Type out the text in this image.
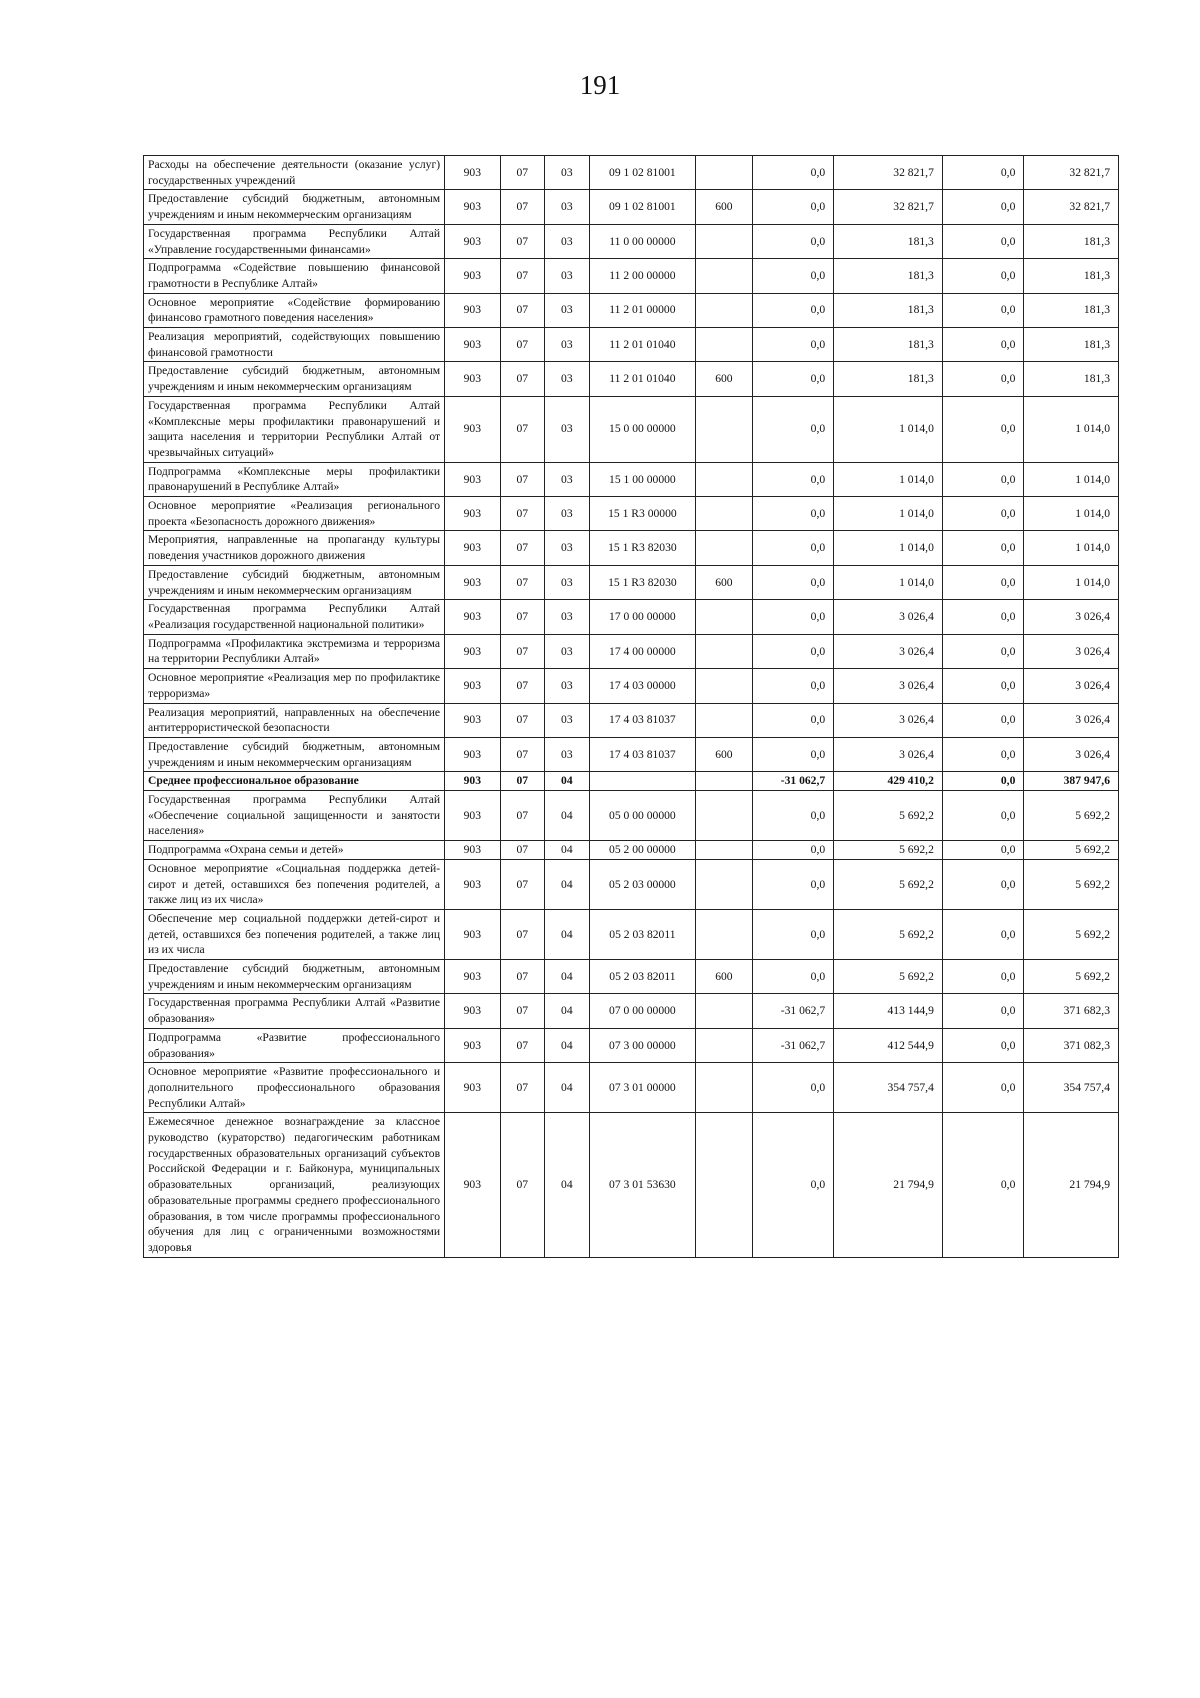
191
Расходы на обеспечение деятельности (оказание услуг) государственных учреждений	903	07	03	09 1 02 81001		0,0	32 821,7	0,0	32 821,7
Предоставление субсидий бюджетным, автономным учреждениям и иным некоммерческим организациям	903	07	03	09 1 02 81001	600	0,0	32 821,7	0,0	32 821,7
Государственная программа Республики Алтай «Управление государственными финансами»	903	07	03	11 0 00 00000		0,0	181,3	0,0	181,3
Подпрограмма «Содействие повышению финансовой грамотности в Республике Алтай»	903	07	03	11 2 00 00000		0,0	181,3	0,0	181,3
Основное мероприятие «Содействие формированию финансово грамотного поведения населения»	903	07	03	11 2 01 00000		0,0	181,3	0,0	181,3
Реализация мероприятий, содействующих повышению финансовой грамотности	903	07	03	11 2 01 01040		0,0	181,3	0,0	181,3
Предоставление субсидий бюджетным, автономным учреждениям и иным некоммерческим организациям	903	07	03	11 2 01 01040	600	0,0	181,3	0,0	181,3
Государственная программа Республики Алтай «Комплексные меры профилактики правонарушений и защита населения и территории Республики Алтай от чрезвычайных ситуаций»	903	07	03	15 0 00 00000		0,0	1 014,0	0,0	1 014,0
Подпрограмма «Комплексные меры профилактики правонарушений в Республике Алтай»	903	07	03	15 1 00 00000		0,0	1 014,0	0,0	1 014,0
Основное мероприятие «Реализация регионального проекта «Безопасность дорожного движения»	903	07	03	15 1 R3 00000		0,0	1 014,0	0,0	1 014,0
Мероприятия, направленные на пропаганду культуры поведения участников дорожного движения	903	07	03	15 1 R3 82030		0,0	1 014,0	0,0	1 014,0
Предоставление субсидий бюджетным, автономным учреждениям и иным некоммерческим организациям	903	07	03	15 1 R3 82030	600	0,0	1 014,0	0,0	1 014,0
Государственная программа Республики Алтай «Реализация государственной национальной политики»	903	07	03	17 0 00 00000		0,0	3 026,4	0,0	3 026,4
Подпрограмма «Профилактика экстремизма и терроризма на территории Республики Алтай»	903	07	03	17 4 00 00000		0,0	3 026,4	0,0	3 026,4
Основное мероприятие «Реализация мер по профилактике терроризма»	903	07	03	17 4 03 00000		0,0	3 026,4	0,0	3 026,4
Реализация мероприятий, направленных на обеспечение антитеррористической безопасности	903	07	03	17 4 03 81037		0,0	3 026,4	0,0	3 026,4
Предоставление субсидий бюджетным, автономным учреждениям и иным некоммерческим организациям	903	07	03	17 4 03 81037	600	0,0	3 026,4	0,0	3 026,4
Среднее профессиональное образование	903	07	04			-31 062,7	429 410,2	0,0	387 947,6
Государственная программа Республики Алтай «Обеспечение социальной защищенности и занятости населения»	903	07	04	05 0 00 00000		0,0	5 692,2	0,0	5 692,2
Подпрограмма «Охрана семьи и детей»	903	07	04	05 2 00 00000		0,0	5 692,2	0,0	5 692,2
Основное мероприятие «Социальная поддержка детей-сирот и детей, оставшихся без попечения родителей, а также лиц из их числа»	903	07	04	05 2 03 00000		0,0	5 692,2	0,0	5 692,2
Обеспечение мер социальной поддержки детей-сирот и детей, оставшихся без попечения родителей, а также лиц из их числа	903	07	04	05 2 03 82011		0,0	5 692,2	0,0	5 692,2
Предоставление субсидий бюджетным, автономным учреждениям и иным некоммерческим организациям	903	07	04	05 2 03 82011	600	0,0	5 692,2	0,0	5 692,2
Государственная программа Республики Алтай «Развитие образования»	903	07	04	07 0 00 00000		-31 062,7	413 144,9	0,0	371 682,3
Подпрограмма «Развитие профессионального образования»	903	07	04	07 3 00 00000		-31 062,7	412 544,9	0,0	371 082,3
Основное мероприятие «Развитие профессионального и дополнительного профессионального образования Республики Алтай»	903	07	04	07 3 01 00000		0,0	354 757,4	0,0	354 757,4
Ежемесячное денежное вознаграждение за классное руководство (кураторство) педагогическим работникам государственных образовательных организаций субъектов Российской Федерации и г. Байконура, муниципальных образовательных организаций, реализующих образовательные программы среднего профессионального образования, в том числе программы профессионального обучения для лиц с ограниченными возможностями здоровья	903	07	04	07 3 01 53630		0,0	21 794,9	0,0	21 794,9
